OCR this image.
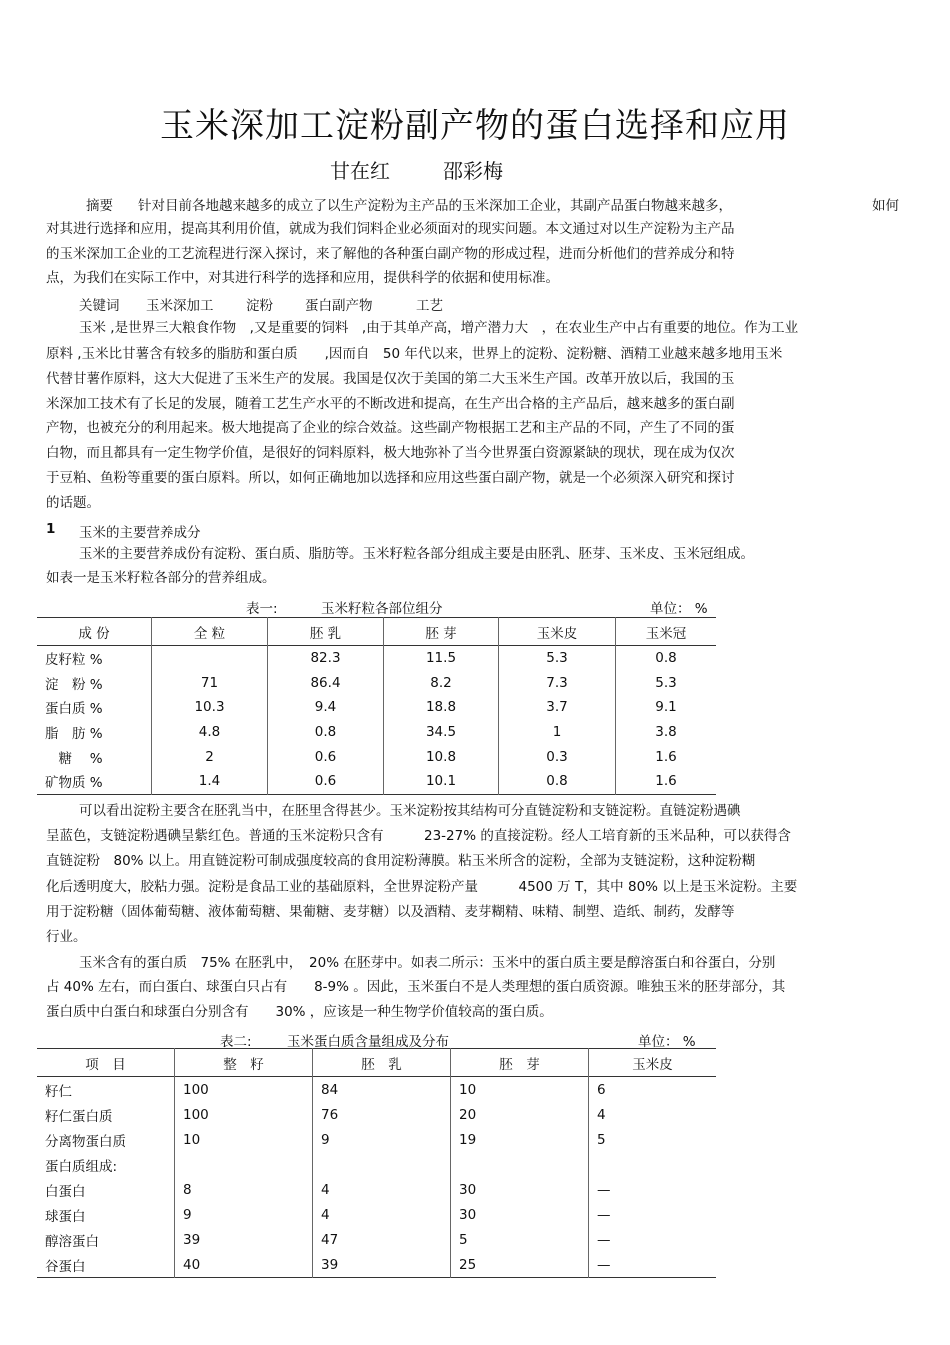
玉米深加工淀粉副产物的蛋白选择和应用
甘在红	邵彩梅
摘要 针对目前各地越来越多的成立了以生产淀粉为主产品的玉米深加工企业，其副产品蛋白物越来越多，	如何
对其进行选择和应用，提高其利用价值，就成为我们饲料企业必须面对的现实问题。本文通过对以生产淀粉为主产品
的玉米深加工企业的工艺流程进行深入探讨，来了解他的各种蛋白副产物的形成过程，进而分析他们的营养成分和特
点，为我们在实际工作中，对其进行科学的选择和应用，提供科学的依据和使用标准。
关键词 玉米深加工 淀粉 蛋白副产物	工艺
玉米 ,是世界三大粮食作物　,又是重要的饲料　,由于其单产高，增产潜力大　，在农业生产中占有重要的地位。作为工业
原料 ,玉米比甘薯含有较多的脂肪和蛋白质　　,因而自　50 年代以来，世界上的淀粉、淀粉糖、酒精工业越来越多地用玉米
代替甘薯作原料，这大大促进了玉米生产的发展。我国是仅次于美国的第二大玉米生产国。改革开放以后，我国的玉
米深加工技术有了长足的发展，随着工艺生产水平的不断改进和提高，在生产出合格的主产品后，越来越多的蛋白副
产物，也被充分的利用起来。极大地提高了企业的综合效益。这些副产物根据工艺和主产品的不同，产生了不同的蛋
白物，而且都具有一定生物学价值，是很好的饲料原料，极大地弥补了当今世界蛋白资源紧缺的现状，现在成为仅次
于豆粕、鱼粉等重要的蛋白原料。所以，如何正确地加以选择和应用这些蛋白副产物，就是一个必须深入研究和探讨
的话题。
1 玉米的主要营养成分
玉米的主要营养成份有淀粉、蛋白质、脂肪等。玉米籽粒各部分组成主要是由胚乳、胚芽、玉米皮、玉米冠组成。
如表一是玉米籽粒各部分的营养组成。
表一:	玉米籽粒各部位组分	单位： %
成 份	全 粒	胚 乳	胚 芽	玉米皮	玉米冠
皮籽粒 %		82.3	11.5	5.3	0.8
淀　粉 %	71	86.4	8.2	7.3	5.3
蛋白质 %	10.3	9.4	18.8	3.7	9.1
脂　肪 %	4.8	0.8	34.5	1	3.8
　糖　 %	2	0.6	10.8	0.3	1.6
矿物质 %	1.4	0.6	10.1	0.8	1.6
可以看出淀粉主要含在胚乳当中，在胚里含得甚少。玉米淀粉按其结构可分直链淀粉和支链淀粉。直链淀粉遇碘
呈蓝色，支链淀粉遇碘呈紫红色。普通的玉米淀粉只含有　　　23-27% 的直接淀粉。经人工培育新的玉米品种，可以获得含
直链淀粉　80% 以上。用直链淀粉可制成强度较高的食用淀粉薄膜。粘玉米所含的淀粉，全部为支链淀粉，这种淀粉糊
化后透明度大，胶粘力强。淀粉是食品工业的基础原料，全世界淀粉产量　　　4500 万 T，其中 80% 以上是玉米淀粉。主要
用于淀粉糖（固体葡萄糖、液体葡萄糖、果葡糖、麦芽糖）以及酒精、麦芽糊精、味精、制塑、造纸、制药，发酵等
行业。
玉米含有的蛋白质　75% 在胚乳中，　20% 在胚芽中。如表二所示：玉米中的蛋白质主要是醇溶蛋白和谷蛋白，分别
占 40% 左右，而白蛋白、球蛋白只占有　　8-9% 。因此，玉米蛋白不是人类理想的蛋白质资源。唯独玉米的胚芽部分，其
蛋白质中白蛋白和球蛋白分别含有　　30% ，应该是一种生物学价值较高的蛋白质。
表二:	玉米蛋白质含量组成及分布	单位： %
项　目	整　籽	胚　乳	胚　芽	玉米皮
籽仁	100	84	10	6
籽仁蛋白质	100	76	20	4
分离物蛋白质	10	9	19	5
蛋白质组成:				
白蛋白	8	4	30	—
球蛋白	9	4	30	—
醇溶蛋白	39	47	5	—
谷蛋白	40	39	25	—
